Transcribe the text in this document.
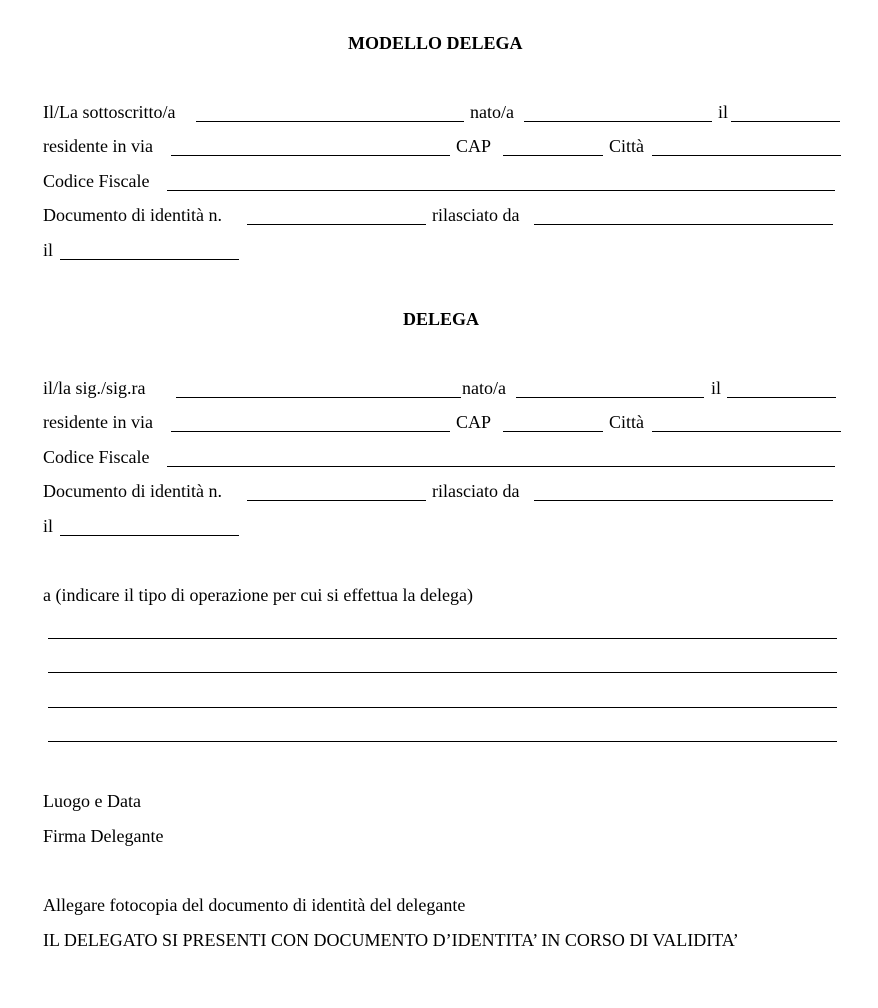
MODELLO DELEGA
Il/La sottoscritto/a	nato/a	il
residente in via	CAP	Città
Codice Fiscale
Documento di identità n.	rilasciato da
il
DELEGA
il/la sig./sig.ra	nato/a	il
residente in via	CAP	Città
Codice Fiscale
Documento di identità n.	rilasciato da
il
a (indicare il tipo di operazione per cui si effettua la delega)
Luogo e Data
Firma Delegante
Allegare fotocopia del documento di identità del delegante
IL DELEGATO SI PRESENTI CON DOCUMENTO D’IDENTITA’ IN CORSO DI VALIDITA’
